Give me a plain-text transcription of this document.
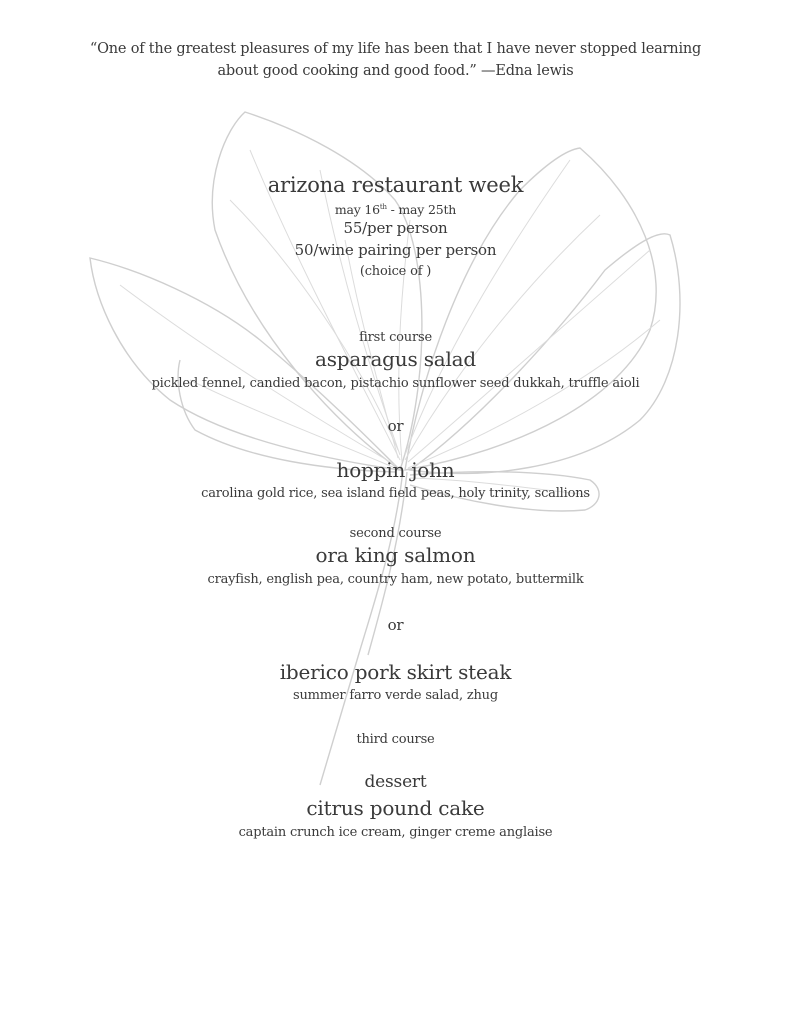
“One of the greatest pleasures of my life has been that I have never stopped learning
about good cooking and good food.” —Edna lewis
arizona restaurant week
may 16th - may 25th
55/per person
50/wine pairing per person
(choice of )
first course
asparagus salad
pickled fennel, candied bacon, pistachio sunflower seed dukkah, truffle aioli
or
hoppin john
carolina gold rice, sea island field peas, holy trinity, scallions
second course
ora king salmon
crayfish, english pea, country ham, new potato, buttermilk
or
iberico pork skirt steak
summer farro verde salad, zhug
third course
dessert
citrus pound cake
captain crunch ice cream, ginger creme anglaise
